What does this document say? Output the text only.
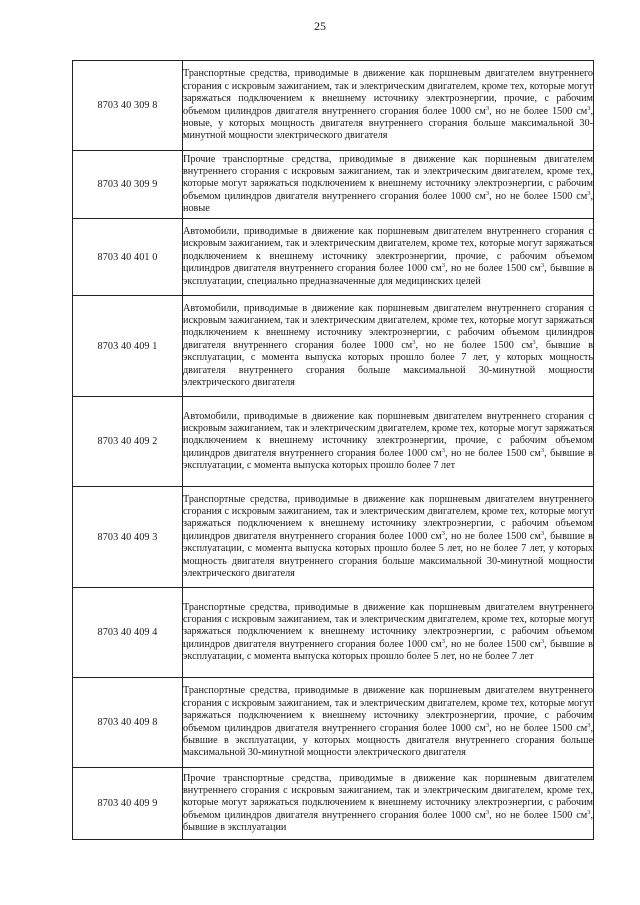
25
8703 40 309 8	Транспортные средства, приводимые в движение как поршневым двигателем внутреннего сгорания с искровым зажиганием, так и электрическим двигателем, кроме тех, которые могут заряжаться подключением к внешнему источнику электроэнергии, прочие, с рабочим объемом цилиндров двигателя внутреннего сгорания более 1000 $см^3$, но не более 1500 $см^3$, новые, у которых мощность двигателя внутреннего сгорания больше максимальной 30-минутной мощности электрического двигателя
8703 40 309 9	Прочие транспортные средства, приводимые в движение как поршневым двигателем внутреннего сгорания с искровым зажиганием, так и электрическим двигателем, кроме тех, которые могут заряжаться подключением к внешнему источнику электроэнергии, с рабочим объемом цилиндров двигателя внутреннего сгорания более 1000 $см^3$, но не более 1500 $см^3$, новые
8703 40 401 0	Автомобили, приводимые в движение как поршневым двигателем внутреннего сгорания с искровым зажиганием, так и электрическим двигателем, кроме тех, которые могут заряжаться подключением к внешнему источнику электроэнергии, прочие, с рабочим объемом цилиндров двигателя внутреннего сгорания более 1000 $см^3$, но не более 1500 $см^3$, бывшие в эксплуатации, специально предназначенные для медицинских целей
8703 40 409 1	Автомобили, приводимые в движение как поршневым двигателем внутреннего сгорания с искровым зажиганием, так и электрическим двигателем, кроме тех, которые могут заряжаться подключением к внешнему источнику электроэнергии, с рабочим объемом цилиндров двигателя внутреннего сгорания более 1000 $см^3$, но не более 1500 $см^3$, бывшие в эксплуатации, с момента выпуска которых прошло более 7 лет, у которых мощность двигателя внутреннего сгорания больше максимальной 30-минутной мощности электрического двигателя
8703 40 409 2	Автомобили, приводимые в движение как поршневым двигателем внутреннего сгорания с искровым зажиганием, так и электрическим двигателем, кроме тех, которые могут заряжаться подключением к внешнему источнику электроэнергии, прочие, с рабочим объемом цилиндров двигателя внутреннего сгорания более 1000 $см^3$, но не более 1500 $см^3$, бывшие в эксплуатации, с момента выпуска которых прошло более 7 лет
8703 40 409 3	Транспортные средства, приводимые в движение как поршневым двигателем внутреннего сгорания с искровым зажиганием, так и электрическим двигателем, кроме тех, которые могут заряжаться подключением к внешнему источнику электроэнергии, с рабочим объемом цилиндров двигателя внутреннего сгорания более 1000 $см^3$, но не более 1500 $см^3$, бывшие в эксплуатации, с момента выпуска которых прошло более 5 лет, но не более 7 лет, у которых мощность двигателя внутреннего сгорания больше максимальной 30-минутной мощности электрического двигателя
8703 40 409 4	Транспортные средства, приводимые в движение как поршневым двигателем внутреннего сгорания с искровым зажиганием, так и электрическим двигателем, кроме тех, которые могут заряжаться подключением к внешнему источнику электроэнергии, с рабочим объемом цилиндров двигателя внутреннего сгорания более 1000 $см^3$, но не более 1500 $см^3$, бывшие в эксплуатации, с момента выпуска которых прошло более 5 лет, но не более 7 лет
8703 40 409 8	Транспортные средства, приводимые в движение как поршневым двигателем внутреннего сгорания с искровым зажиганием, так и электрическим двигателем, кроме тех, которые могут заряжаться подключением к внешнему источнику электроэнергии, прочие, с рабочим объемом цилиндров двигателя внутреннего сгорания более 1000 $см^3$, но не более 1500 $см^3$, бывшие в эксплуатации, у которых мощность двигателя внутреннего сгорания больше максимальной 30-минутной мощности электрического двигателя
8703 40 409 9	Прочие транспортные средства, приводимые в движение как поршневым двигателем внутреннего сгорания с искровым зажиганием, так и электрическим двигателем, кроме тех, которые могут заряжаться подключением к внешнему источнику электроэнергии, с рабочим объемом цилиндров двигателя внутреннего сгорания более 1000 $см^3$, но не более 1500 $см^3$, бывшие в эксплуатации
